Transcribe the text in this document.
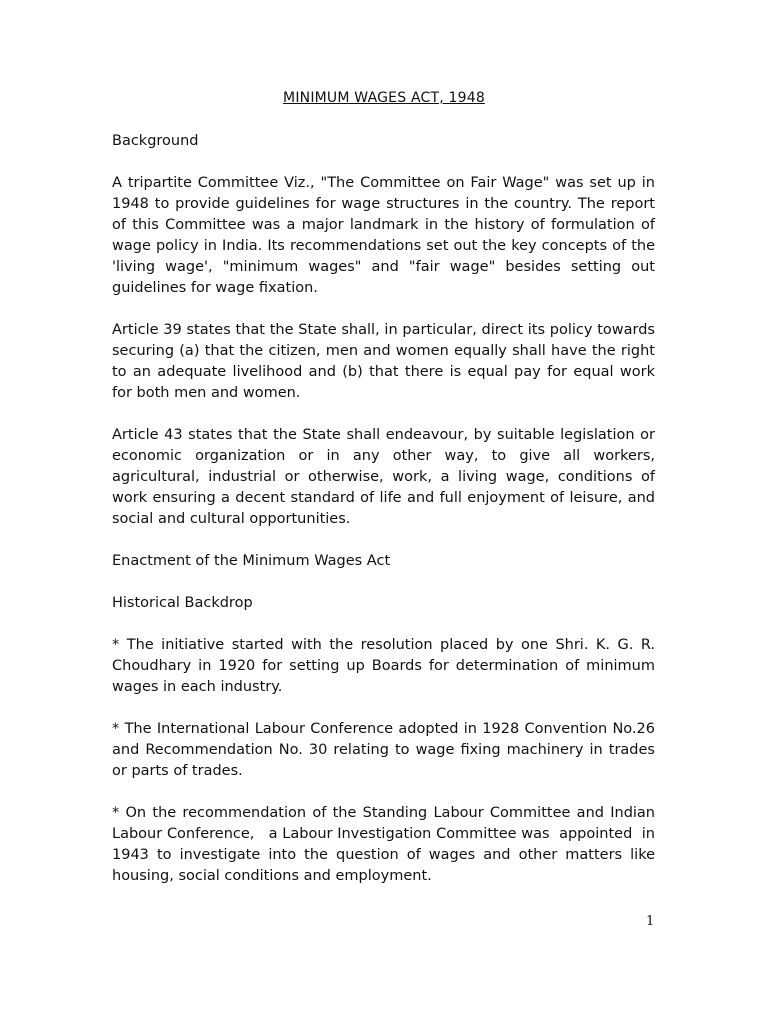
MINIMUM WAGES ACT, 1948
Background

A tripartite Committee Viz., "The Committee on Fair Wage" was set up in 1948 to provide guidelines for wage structures in the country. The report of this Committee was a major landmark in the history of formulation of wage policy in India. Its recommendations set out the key concepts of the 'living wage', "minimum wages" and "fair wage" besides setting out guidelines for wage fixation.

Article 39 states that the State shall, in particular, direct its policy towards securing (a) that the citizen, men and women equally shall have the right to an adequate livelihood and (b) that there is equal pay for equal work for both men and women.

Article 43 states that the State shall endeavour, by suitable legislation or economic organization or in any other way, to give all workers, agricultural, industrial or otherwise, work, a living wage, conditions of work ensuring a decent standard of life and full enjoyment of leisure, and social and cultural opportunities.

Enactment of the Minimum Wages Act
Historical Backdrop

* The initiative started with the resolution placed by one Shri. K. G. R. Choudhary in 1920 for setting up Boards for determination of minimum wages in each industry.

* The International Labour Conference adopted in 1928 Convention No.26 and Recommendation No. 30 relating to wage fixing machinery in trades or parts of trades.

* On the recommendation of the Standing Labour Committee and Indian Labour Conference,   a Labour Investigation Committee was  appointed  in 1943 to investigate into the question of wages and other matters like housing, social conditions and employment.

1
